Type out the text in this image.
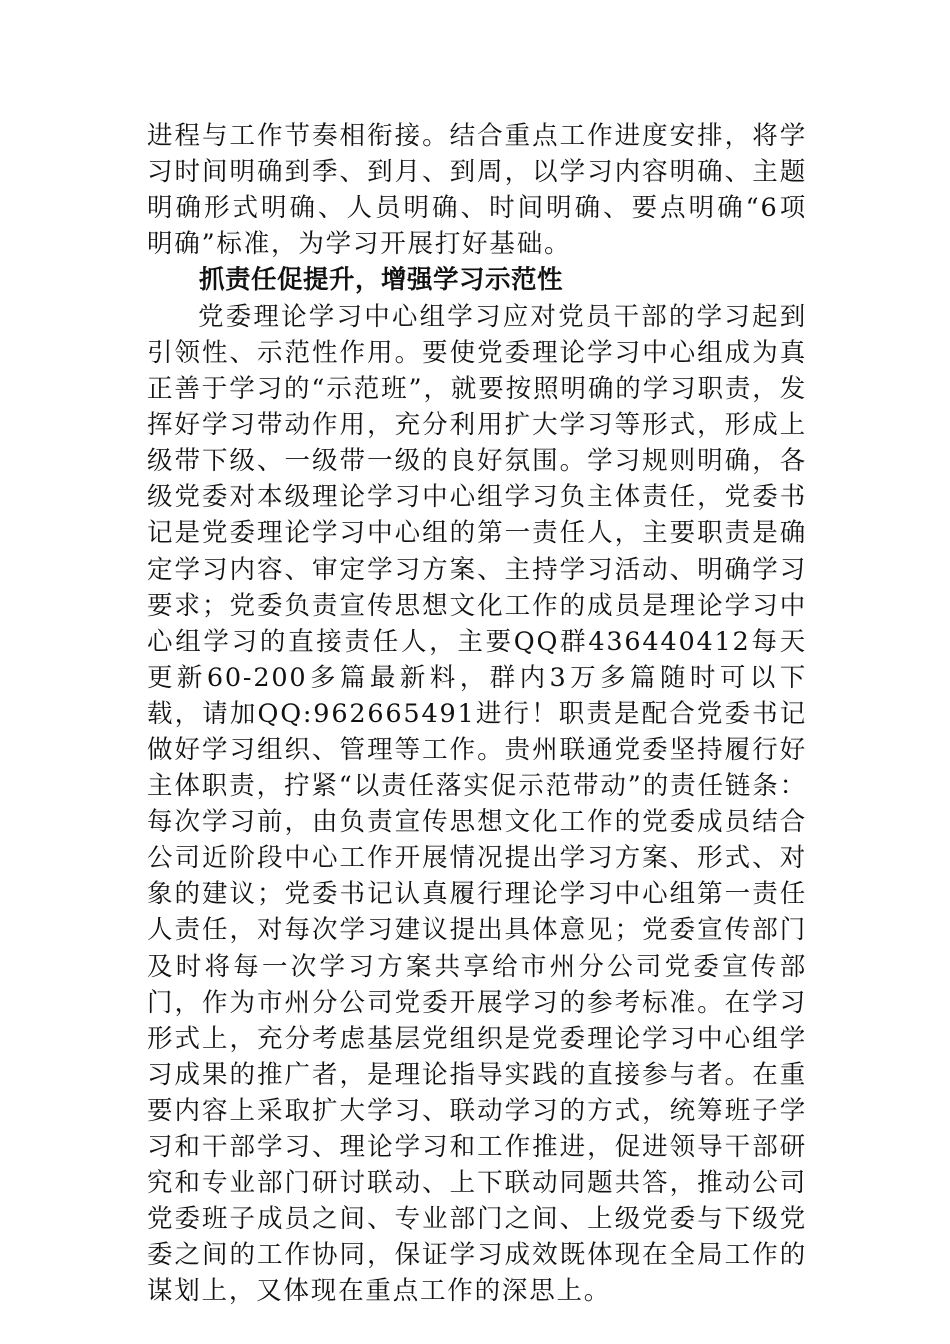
进程与工作节奏相衔接。结合重点工作进度安排，将学习时间明确到季、到月、到周，以学习内容明确、主题明确形式明确、人员明确、时间明确、要点明确“6项明确”标准，为学习开展打好基础。

抓责任促提升，增强学习示范性

党委理论学习中心组学习应对党员干部的学习起到引领性、示范性作用。要使党委理论学习中心组成为真正善于学习的“示范班”，就要按照明确的学习职责，发挥好学习带动作用，充分利用扩大学习等形式，形成上级带下级、一级带一级的良好氛围。学习规则明确，各级党委对本级理论学习中心组学习负主体责任，党委书记是党委理论学习中心组的第一责任人，主要职责是确定学习内容、审定学习方案、主持学习活动、明确学习要求；党委负责宣传思想文化工作的成员是理论学习中心组学习的直接责任人，主要QQ群436440412每天更新60-200多篇最新料，群内3万多篇随时可以下载，请加QQ:962665491进行！职责是配合党委书记做好学习组织、管理等工作。贵州联通党委坚持履行好主体职责，拧紧“以责任落实促示范带动”的责任链条：每次学习前，由负责宣传思想文化工作的党委成员结合公司近阶段中心工作开展情况提出学习方案、形式、对象的建议；党委书记认真履行理论学习中心组第一责任人责任，对每次学习建议提出具体意见；党委宣传部门及时将每一次学习方案共享给市州分公司党委宣传部门，作为市州分公司党委开展学习的参考标准。在学习形式上，充分考虑基层党组织是党委理论学习中心组学习成果的推广者，是理论指导实践的直接参与者。在重要内容上采取扩大学习、联动学习的方式，统筹班子学习和干部学习、理论学习和工作推进，促进领导干部研究和专业部门研讨联动、上下联动同题共答，推动公司党委班子成员之间、专业部门之间、上级党委与下级党委之间的工作协同，保证学习成效既体现在全局工作的谋划上，又体现在重点工作的深思上。
